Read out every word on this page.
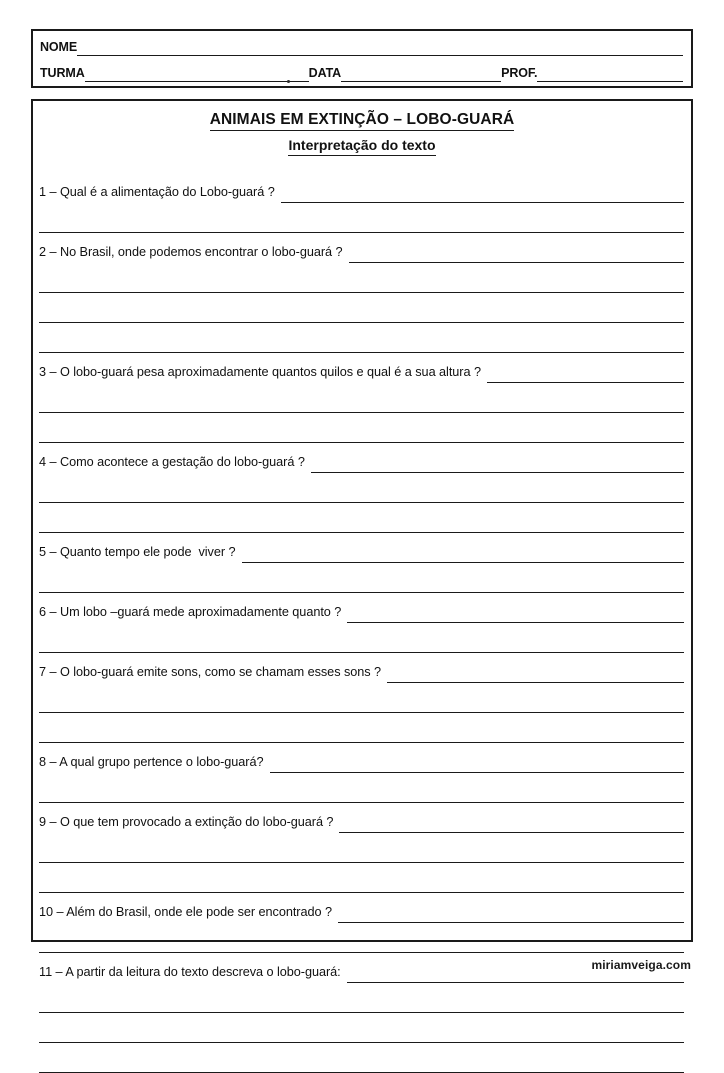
NOME
TURMA	DATA	PROF.
ANIMAIS EM EXTINÇÃO – LOBO-GUARÁ
Interpretação do texto
1 – Qual é a alimentação do Lobo-guará ?
2 – No Brasil, onde podemos encontrar o lobo-guará ?
3 – O lobo-guará pesa aproximadamente quantos quilos e qual é a sua altura ?
4 – Como acontece a gestação do lobo-guará ?
5 – Quanto tempo ele pode  viver ?
6 – Um lobo –guará mede aproximadamente quanto ?
7 – O lobo-guará emite sons, como se chamam esses sons ?
8 – A qual grupo pertence o lobo-guará?
9 – O que tem provocado a extinção do lobo-guará ?
10 – Além do Brasil, onde ele pode ser encontrado ?
11 – A partir da leitura do texto descreva o lobo-guará:	miriamveiga.com
